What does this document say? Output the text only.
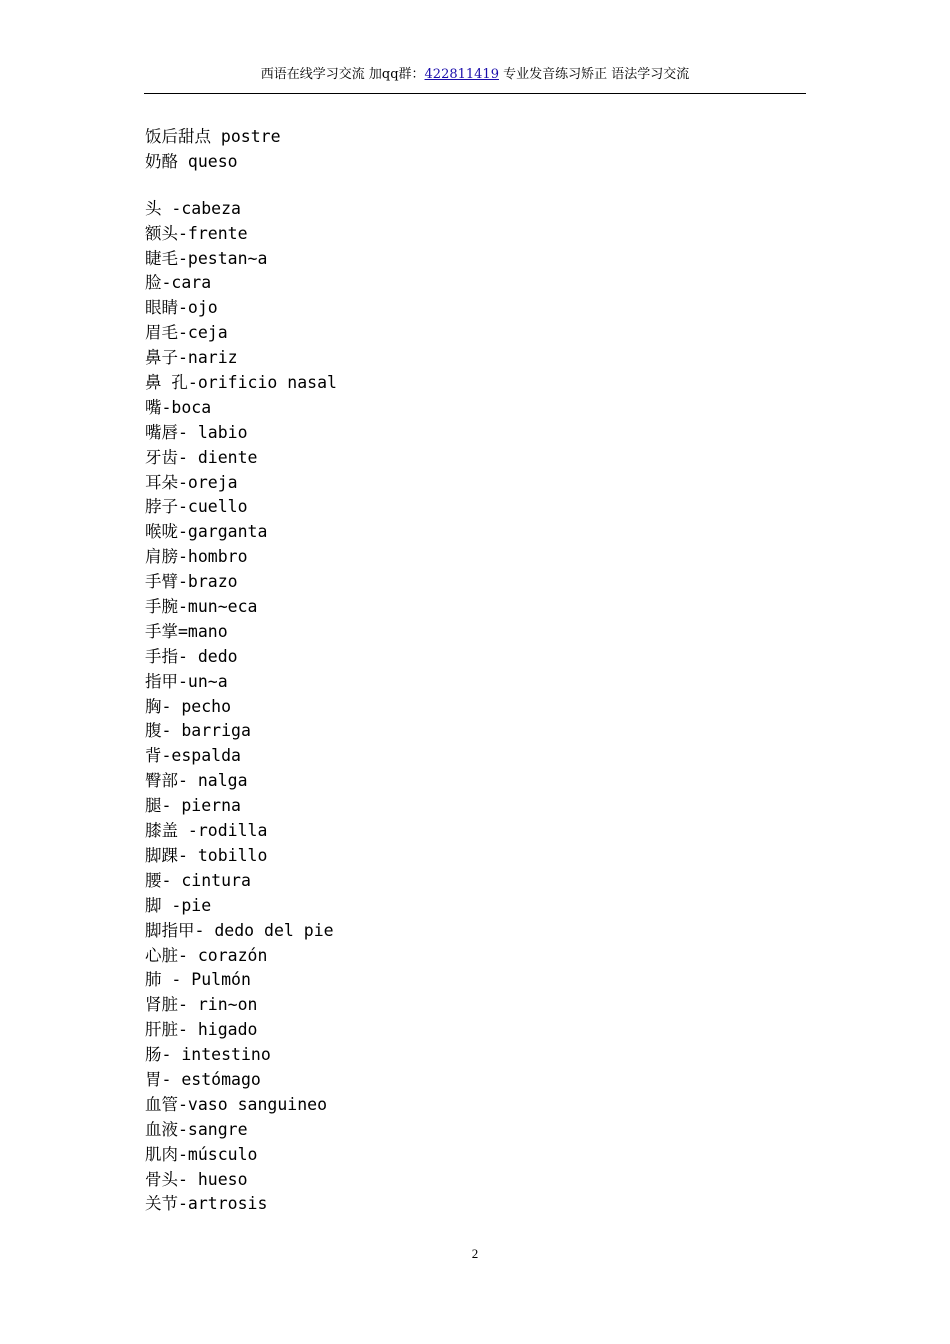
西语在线学习交流 加qq群：422811419 专业发音练习矫正 语法学习交流
饭后甜点 postre
奶酪 queso
头 -cabeza
额头-frente
睫毛-pestan~a
脸-cara
眼睛-ojo
眉毛-ceja
鼻子-nariz
鼻 孔-orificio nasal
嘴-boca
嘴唇- labio
牙齿- diente
耳朵-oreja
脖子-cuello
喉咙-garganta
肩膀-hombro
手臂-brazo
手腕-mun~eca
手掌=mano
手指- dedo
指甲-un~a
胸- pecho
腹- barriga
背-espalda
臀部- nalga
腿- pierna
膝盖 -rodilla
脚踝- tobillo
腰- cintura
脚 -pie
脚指甲- dedo del pie
心脏- corazón
肺 - Pulmón
肾脏- rin~on
肝脏- higado
肠- intestino
胃- estómago
血管-vaso sanguineo
血液-sangre
肌肉-músculo
骨头- hueso
关节-artrosis
2
